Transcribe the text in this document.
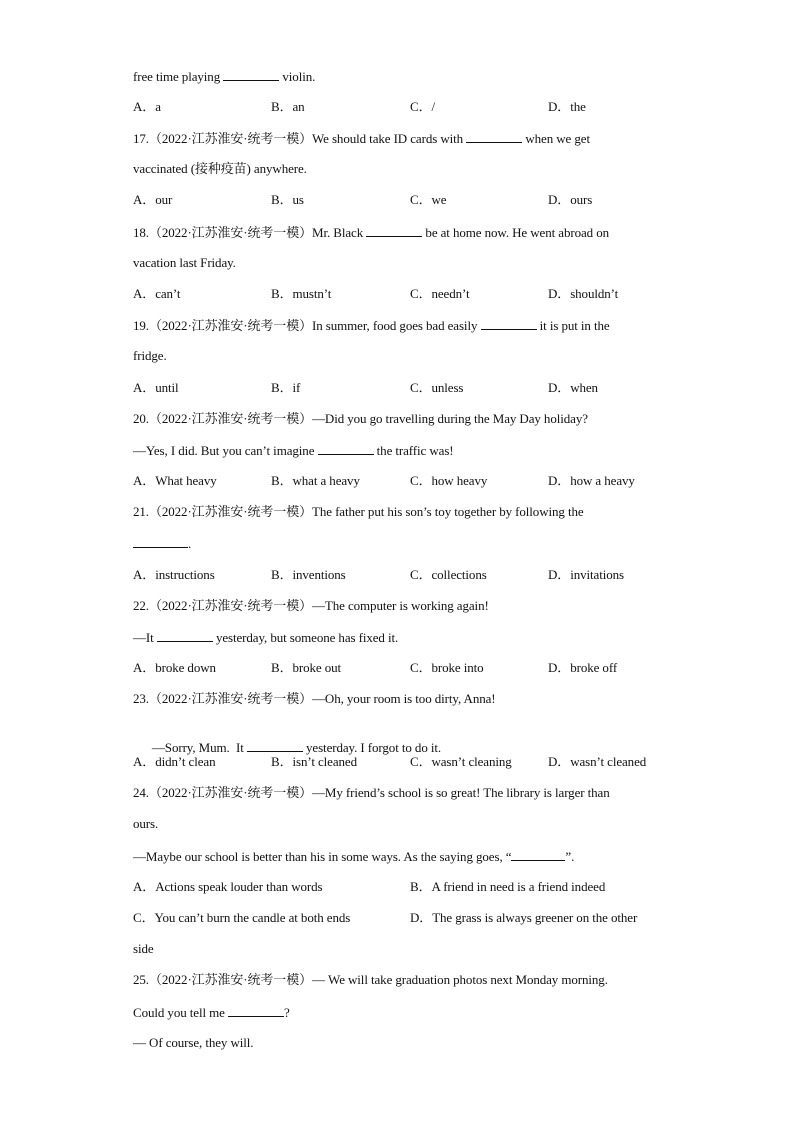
free time playing	violin.
A．a	B．an	C．/	D．the
17.（2022·江苏淮安·统考一模）We should take ID cards with	when we get
vaccinated (接种疫苗) anywhere.
A．our	B．us	C．we	D．ours
18.（2022·江苏淮安·统考一模）Mr. Black	be at home now. He went abroad on
vacation last Friday.
A．can’t	B．mustn’t	C．needn’t	D．shouldn’t
19.（2022·江苏淮安·统考一模）In summer, food goes bad easily	it is put in the
fridge.
A．until	B．if	C．unless	D．when
20.（2022·江苏淮安·统考一模）—Did you go travelling during the May Day holiday?
—Yes, I did. But you can’t imagine	the traffic was!
A．What heavy	B．what a heavy	C．how heavy	D．how a heavy
21.（2022·江苏淮安·统考一模）The father put his son’s toy together by following the
.
A．instructions	B．inventions	C．collections	D．invitations
22.（2022·江苏淮安·统考一模）—The computer is working again!
—It	yesterday, but someone has fixed it.
A．broke down	B．broke out	C．broke into	D．broke off
23.（2022·江苏淮安·统考一模）—Oh, your room is too dirty, Anna!

—Sorry, Mum.  It	yesterday. I forgot to do it.

A．didn’t clean	B．isn’t cleaned	C．wasn’t cleaning	D．wasn’t cleaned
24.（2022·江苏淮安·统考一模）—My friend’s school is so great! The library is larger than
ours.
—Maybe our school is better than his in some ways. As the saying goes, “	”.
A．Actions speak louder than words	B．A friend in need is a friend indeed
C．You can’t burn the candle at both ends	D．The grass is always greener on the other
side
25.（2022·江苏淮安·统考一模）— We will take graduation photos next Monday morning.
Could you tell me	?
— Of course, they will.
